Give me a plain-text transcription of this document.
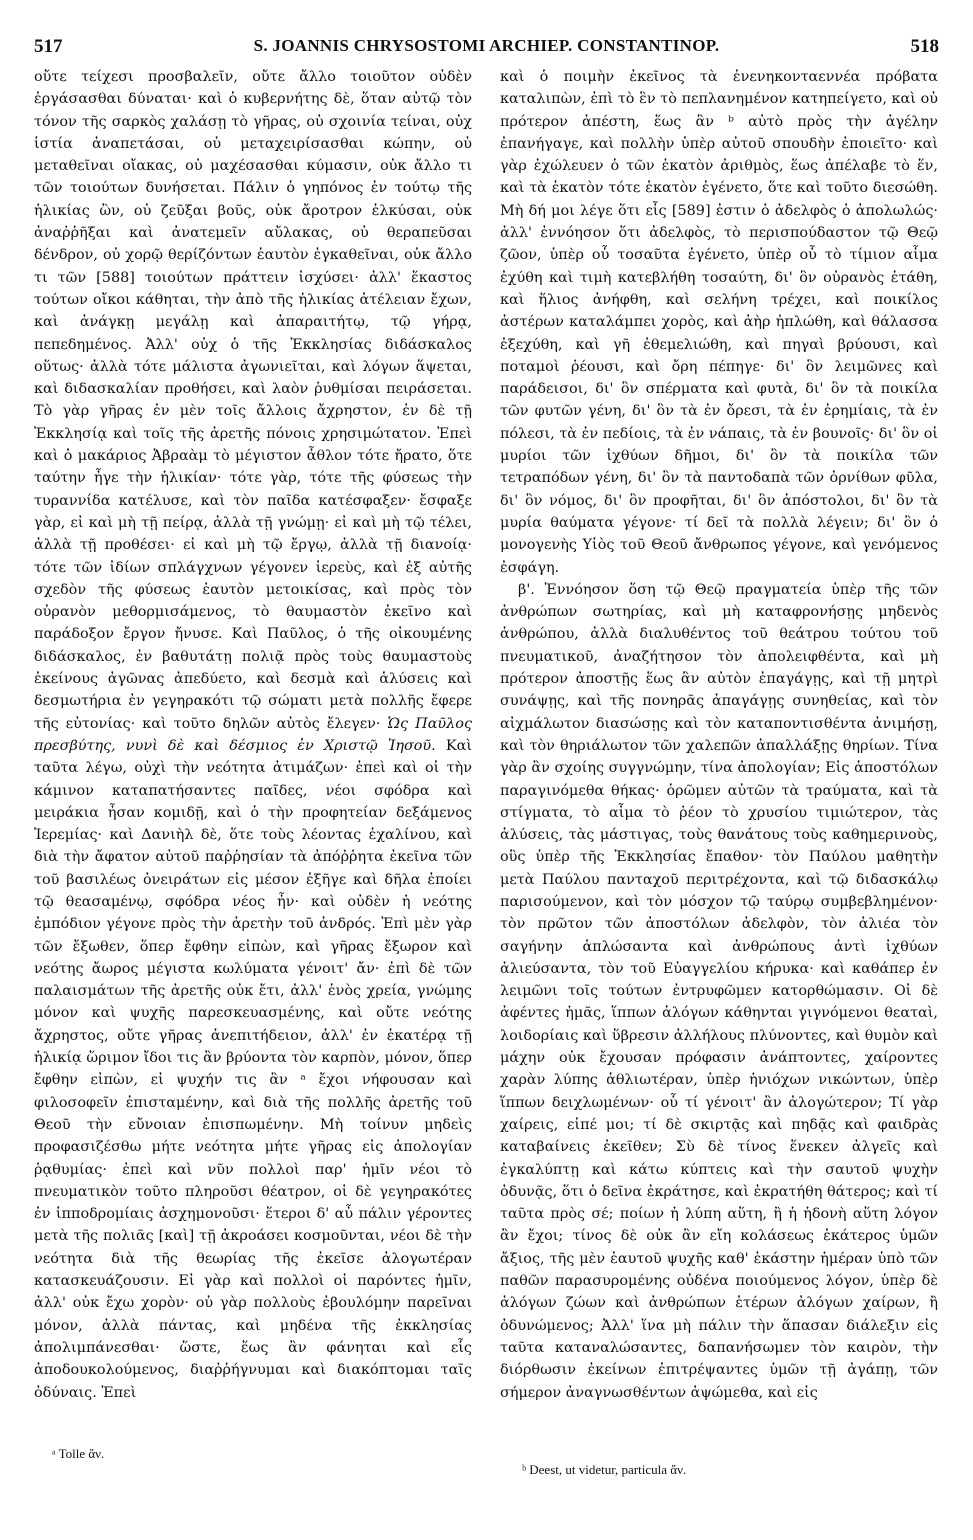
517	S. JOANNIS CHRYSOSTOMI ARCHIEP. CONSTANTINOP.	518

οὔτε τείχεσι προσβαλεῖν, οὔτε ἄλλο τοιοῦτον οὐδὲν ἐργάσασθαι δύναται· καὶ ὁ κυβερνήτης δὲ, ὅταν αὐτῷ τὸν τόνον τῆς σαρκὸς χαλάσῃ τὸ γῆρας, οὐ σχοινία τείναι, οὐχ ἱστία ἀναπετάσαι, οὐ μεταχειρίσασθαι κώπην, οὐ μεταθεῖναι οἴακας, οὐ μαχέσασθαι κύμασιν, οὐκ ἄλλο τι τῶν τοιούτων δυνήσεται. Πάλιν ὁ γηπόνος ἐν τούτῳ τῆς ἡλικίας ὢν, οὐ ζεῦξαι βοῦς, οὐκ ἄροτρον ἑλκύσαι, οὐκ ἀναῤῥῆξαι καὶ ἀνατεμεῖν αὔλακας, οὐ θεραπεῦσαι δένδρον, οὐ χορῷ θερίζόντων ἑαυτὸν ἐγκαθεῖναι, οὐκ ἄλλο τι τῶν [588] τοιούτων πράττειν ἰσχύσει· ἀλλ' ἕκαστος τούτων οἴκοι κάθηται, τὴν ἀπὸ τῆς ἡλικίας ἀτέλειαν ἔχων, καὶ ἀνάγκῃ μεγάλῃ καὶ ἀπαραιτήτῳ, τῷ γήρᾳ, πεπεδημένος. Ἀλλ' οὐχ ὁ τῆς Ἐκκλησίας διδάσκαλος οὕτως· ἀλλὰ τότε μάλιστα ἀγωνιεῖται, καὶ λόγων ἅψεται, καὶ διδασκαλίαν προθήσει, καὶ λαὸν ῥυθμίσαι πειράσεται. Τὸ γὰρ γῆρας ἐν μὲν τοῖς ἄλλοις ἄχρηστον, ἐν δὲ τῇ Ἐκκλησίᾳ καὶ τοῖς τῆς ἀρετῆς πόνοις χρησιμώτατον. Ἐπεὶ καὶ ὁ μακάριος Ἀβραὰμ τὸ μέγιστον ἆθλον τότε ἤρατο, ὅτε ταύτην ἦγε τὴν ἡλικίαν· τότε γὰρ, τότε τῆς φύσεως τὴν τυραννίδα κατέλυσε, καὶ τὸν παῖδα κατέσφαξεν· ἔσφαξε γὰρ, εἰ καὶ μὴ τῇ πείρᾳ, ἀλλὰ τῇ γνώμῃ· εἰ καὶ μὴ τῷ τέλει, ἀλλὰ τῇ προθέσει· εἰ καὶ μὴ τῷ ἔργῳ, ἀλλὰ τῇ διανοίᾳ· τότε τῶν ἰδίων σπλάγχνων γέγονεν ἱερεὺς, καὶ ἐξ αὐτῆς σχεδὸν τῆς φύσεως ἑαυτὸν μετοικίσας, καὶ πρὸς τὸν οὐρανὸν μεθορμισάμενος, τὸ θαυμαστὸν ἐκεῖνο καὶ παράδοξον ἔργον ἤνυσε. Καὶ Παῦλος, ὁ τῆς οἰκουμένης διδάσκαλος, ἐν βαθυτάτῃ πολιᾷ πρὸς τοὺς θαυμαστοὺς ἐκείνους ἀγῶνας ἀπεδύετο, καὶ δεσμὰ καὶ ἁλύσεις καὶ δεσμωτήρια ἐν γεγηρακότι τῷ σώματι μετὰ πολλῆς ἔφερε τῆς εὐτονίας· καὶ τοῦτο δηλῶν αὐτὸς ἔλεγεν· Ὡς Παῦλος πρεσβύτης, νυνὶ δὲ καὶ δέσμιος ἐν Χριστῷ Ἰησοῦ. Καὶ ταῦτα λέγω, οὐχὶ τὴν νεότητα ἀτιμάζων· ἐπεὶ καὶ οἱ τὴν κάμινον καταπατήσαντες παῖδες, νέοι σφόδρα καὶ μειράκια ἦσαν κομιδῇ, καὶ ὁ τὴν προφητείαν δεξάμενος Ἱερεμίας· καὶ Δανιὴλ δὲ, ὅτε τοὺς λέοντας ἐχαλίνου, καὶ διὰ τὴν ἄφατον αὐτοῦ παῤῥησίαν τὰ ἀπόῤῥητα ἐκεῖνα τῶν τοῦ βασιλέως ὀνειράτων εἰς μέσον ἐξῆγε καὶ δῆλα ἐποίει τῷ θεασαμένῳ, σφόδρα νέος ἦν· καὶ οὐδὲν ἡ νεότης ἐμπόδιον γέγονε πρὸς τὴν ἀρετὴν τοῦ ἀνδρός. Ἐπὶ μὲν γὰρ τῶν ἔξωθεν, ὅπερ ἔφθην εἰπὼν, καὶ γῆρας ἔξωρον καὶ νεότης ἄωρος μέγιστα κωλύματα γένοιτ' ἄν· ἐπὶ δὲ τῶν παλαισμάτων τῆς ἀρετῆς οὐκ ἔτι, ἀλλ' ἑνὸς χρεία, γνώμης μόνον καὶ ψυχῆς παρεσκευασμένης, καὶ οὔτε νεότης ἄχρηστος, οὔτε γῆρας ἀνεπιτήδειον, ἀλλ' ἐν ἑκατέρᾳ τῇ ἡλικίᾳ ὥριμον ἴδοι τις ἂν βρύοντα τὸν καρπὸν, μόνον, ὅπερ ἔφθην εἰπὼν, εἰ ψυχήν τις ἂν ᵃ ἔχοι νήφουσαν καὶ φιλοσοφεῖν ἐπισταμένην, καὶ διὰ τῆς πολλῆς ἀρετῆς τοῦ Θεοῦ τὴν εὔνοιαν ἐπισπωμένην. Μὴ τοίνυν μηδεὶς προφασιζέσθω μήτε νεότητα μήτε γῆρας εἰς ἀπολογίαν ῥᾳθυμίας· ἐπεὶ καὶ νῦν πολλοὶ παρ' ἡμῖν νέοι τὸ πνευματικὸν τοῦτο πληροῦσι θέατρον, οἱ δὲ γεγηρακότες ἐν ἱπποδρομίαις ἀσχημονοῦσι· ἕτεροι δ' αὖ πάλιν γέροντες μετὰ τῆς πολιᾶς [καὶ] τῇ ἀκροάσει κοσμοῦνται, νέοι δὲ τὴν νεότητα διὰ τῆς θεωρίας τῆς ἐκεῖσε ἀλογωτέραν κατασκευάζουσιν. Εἰ γὰρ καὶ πολλοὶ οἱ παρόντες ἡμῖν, ἀλλ' οὐκ ἔχω χορὸν· οὐ γὰρ πολλοὺς ἐβουλόμην παρεῖναι μόνον, ἀλλὰ πάντας, καὶ μηδένα τῆς ἐκκλησίας ἀπολιμπάνεσθαι· ὥστε, ἕως ἂν φάνηται καὶ εἷς ἀποδουκολούμενος, διαῤῥήγνυμαι καὶ διακόπτομαι ταῖς ὀδύναις. Ἐπεὶ

καὶ ὁ ποιμὴν ἐκεῖνος τὰ ἐνενηκονταεννέα πρόβατα καταλιπὼν, ἐπὶ τὸ ἓν τὸ πεπλανημένον κατηπείγετο, καὶ οὐ πρότερον ἀπέστη, ἕως ἂν ᵇ αὐτὸ πρὸς τὴν ἀγέλην ἐπανήγαγε, καὶ πολλὴν ὑπὲρ αὐτοῦ σπουδὴν ἐποιεῖτο· καὶ γὰρ ἐχώλευεν ὁ τῶν ἑκατὸν ἀριθμὸς, ἕως ἀπέλαβε τὸ ἕν, καὶ τὰ ἑκατὸν τότε ἑκατὸν ἐγένετο, ὅτε καὶ τοῦτο διεσώθη. Μὴ δή μοι λέγε ὅτι εἷς [589] ἐστιν ὁ ἀδελφὸς ὁ ἀπολωλώς· ἀλλ' ἐννόησον ὅτι ἀδελφὸς, τὸ περισπούδαστον τῷ Θεῷ ζῶον, ὑπὲρ οὗ τοσαῦτα ἐγένετο, ὑπὲρ οὗ τὸ τίμιον αἷμα ἐχύθη καὶ τιμὴ κατεβλήθη τοσαύτη, δι' ὃν οὐρανὸς ἐτάθη, καὶ ἥλιος ἀνήφθη, καὶ σελήνη τρέχει, καὶ ποικίλος ἀστέρων καταλάμπει χορὸς, καὶ ἀὴρ ἡπλώθη, καὶ θάλασσα ἐξεχύθη, καὶ γῆ ἐθεμελιώθη, καὶ πηγαὶ βρύουσι, καὶ ποταμοὶ ῥέουσι, καὶ ὄρη πέπηγε· δι' ὃν λειμῶνες καὶ παράδεισοι, δι' ὃν σπέρματα καὶ φυτὰ, δι' ὃν τὰ ποικίλα τῶν φυτῶν γένη, δι' ὃν τὰ ἐν ὄρεσι, τὰ ἐν ἐρημίαις, τὰ ἐν πόλεσι, τὰ ἐν πεδίοις, τὰ ἐν νάπαις, τὰ ἐν βουνοῖς· δι' ὃν οἱ μυρίοι τῶν ἰχθύων δῆμοι, δι' ὃν τὰ ποικίλα τῶν τετραπόδων γένη, δι' ὃν τὰ παντοδαπὰ τῶν ὀρνίθων φῦλα, δι' ὃν νόμος, δι' ὃν προφῆται, δι' ὃν ἀπόστολοι, δι' ὃν τὰ μυρία θαύματα γέγονε· τί δεῖ τὰ πολλὰ λέγειν; δι' ὃν ὁ μονογενὴς Υἱὸς τοῦ Θεοῦ ἄνθρωπος γέγονε, καὶ γενόμενος ἐσφάγη.

β'. Ἐννόησον ὅση τῷ Θεῷ πραγματεία ὑπὲρ τῆς τῶν ἀνθρώπων σωτηρίας, καὶ μὴ καταφρονήσῃς μηδενὸς ἀνθρώπου, ἀλλὰ διαλυθέντος τοῦ θεάτρου τούτου τοῦ πνευματικοῦ, ἀναζήτησον τὸν ἀπολειφθέντα, καὶ μὴ πρότερον ἀποστῇς ἕως ἂν αὐτὸν ἐπαγάγῃς, καὶ τῇ μητρὶ συνάψῃς, καὶ τῆς πονηρᾶς ἀπαγάγῃς συνηθείας, καὶ τὸν αἰχμάλωτον διασώσῃς καὶ τὸν καταποντισθέντα ἀνιμήσῃ, καὶ τὸν θηριάλωτον τῶν χαλεπῶν ἀπαλλάξῃς θηρίων. Τίνα γὰρ ἂν σχοίης συγγνώμην, τίνα ἀπολογίαν; Εἰς ἀποστόλων παραγινόμεθα θήκας· ὁρῶμεν αὐτῶν τὰ τραύματα, καὶ τὰ στίγματα, τὸ αἷμα τὸ ῥέον τὸ χρυσίου τιμιώτερον, τὰς ἁλύσεις, τὰς μάστιγας, τοὺς θανάτους τοὺς καθημερινοὺς, οὓς ὑπὲρ τῆς Ἐκκλησίας ἔπαθον· τὸν Παύλου μαθητὴν μετὰ Παύλου πανταχοῦ περιτρέχοντα, καὶ τῷ διδασκάλῳ παρισούμενον, καὶ τὸν μόσχον τῷ ταύρῳ συμβεβλημένον· τὸν πρῶτον τῶν ἀποστόλων ἀδελφὸν, τὸν ἁλιέα τὸν σαγήνην ἁπλώσαντα καὶ ἀνθρώπους ἀντὶ ἰχθύων ἀλιεύσαντα, τὸν τοῦ Εὐαγγελίου κήρυκα· καὶ καθάπερ ἐν λειμῶνι τοῖς τούτων ἐντρυφῶμεν κατορθώμασιν. Οἱ δὲ ἀφέντες ἡμᾶς, ἵππων ἀλόγων κάθηνται γιγνόμενοι θεαταὶ, λοιδορίαις καὶ ὕβρεσιν ἀλλήλους πλύνοντες, καὶ θυμὸν καὶ μάχην οὐκ ἔχουσαν πρόφασιν ἀνάπτοντες, χαίροντες χαρὰν λύπης ἀθλιωτέραν, ὑπὲρ ἡνιόχων νικώντων, ὑπὲρ ἵππων δειχλωμένων· οὗ τί γένοιτ' ἂν ἀλογώτερον; Τί γὰρ χαίρεις, εἰπέ μοι; τί δὲ σκιρτᾷς καὶ πηδᾷς καὶ φαιδρὰς καταβαίνεις ἐκεῖθεν; Σὺ δὲ τίνος ἕνεκεν ἀλγεῖς καὶ ἐγκαλύπτῃ καὶ κάτω κύπτεις καὶ τὴν σαυτοῦ ψυχὴν ὀδυνᾷς, ὅτι ὁ δεῖνα ἐκράτησε, καὶ ἐκρατήθη θάτερος; καὶ τί ταῦτα πρὸς σέ; ποίων ἡ λύπη αὕτη, ἢ ἡ ἡδονὴ αὕτη λόγον ἂν ἔχοι; τίνος δὲ οὐκ ἂν εἴη κολάσεως ἑκάτερος ὑμῶν ἄξιος, τῆς μὲν ἑαυτοῦ ψυχῆς καθ' ἑκάστην ἡμέραν ὑπὸ τῶν παθῶν παρασυρομένης οὐδένα ποιούμενος λόγον, ὑπὲρ δὲ ἀλόγων ζώων καὶ ἀνθρώπων ἑτέρων ἀλόγων χαίρων, ἢ ὀδυνώμενος; Ἀλλ' ἵνα μὴ πάλιν τὴν ἅπασαν διάλεξιν εἰς ταῦτα καταναλώσαντες, δαπανήσωμεν τὸν καιρὸν, τὴν διόρθωσιν ἐκείνων ἐπιτρέψαντες ὑμῶν τῇ ἀγάπῃ, τῶν σήμερον ἀναγνωσθέντων ἀψώμεθα, καὶ εἰς

ᵃ Tolle ἄν.
ᵇ Deest, ut videtur, particula ἄν.
